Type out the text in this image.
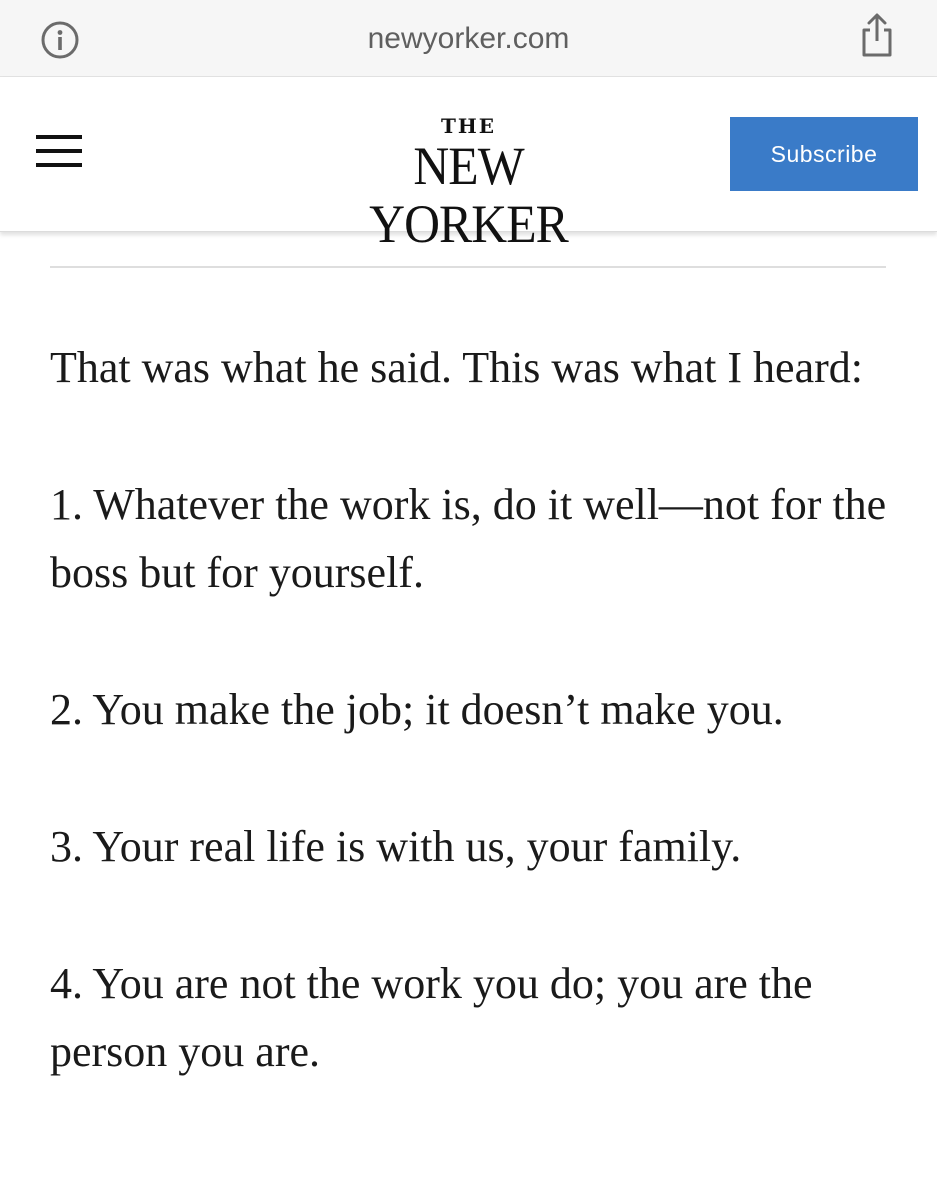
newyorker.com
THE
NEW YORKER
Subscribe

That was what he said. This was what I heard:

1. Whatever the work is, do it well—not for the boss but for yourself.

2. You make the job; it doesn’t make you.

3. Your real life is with us, your family.

4. You are not the work you do; you are the person you are.
